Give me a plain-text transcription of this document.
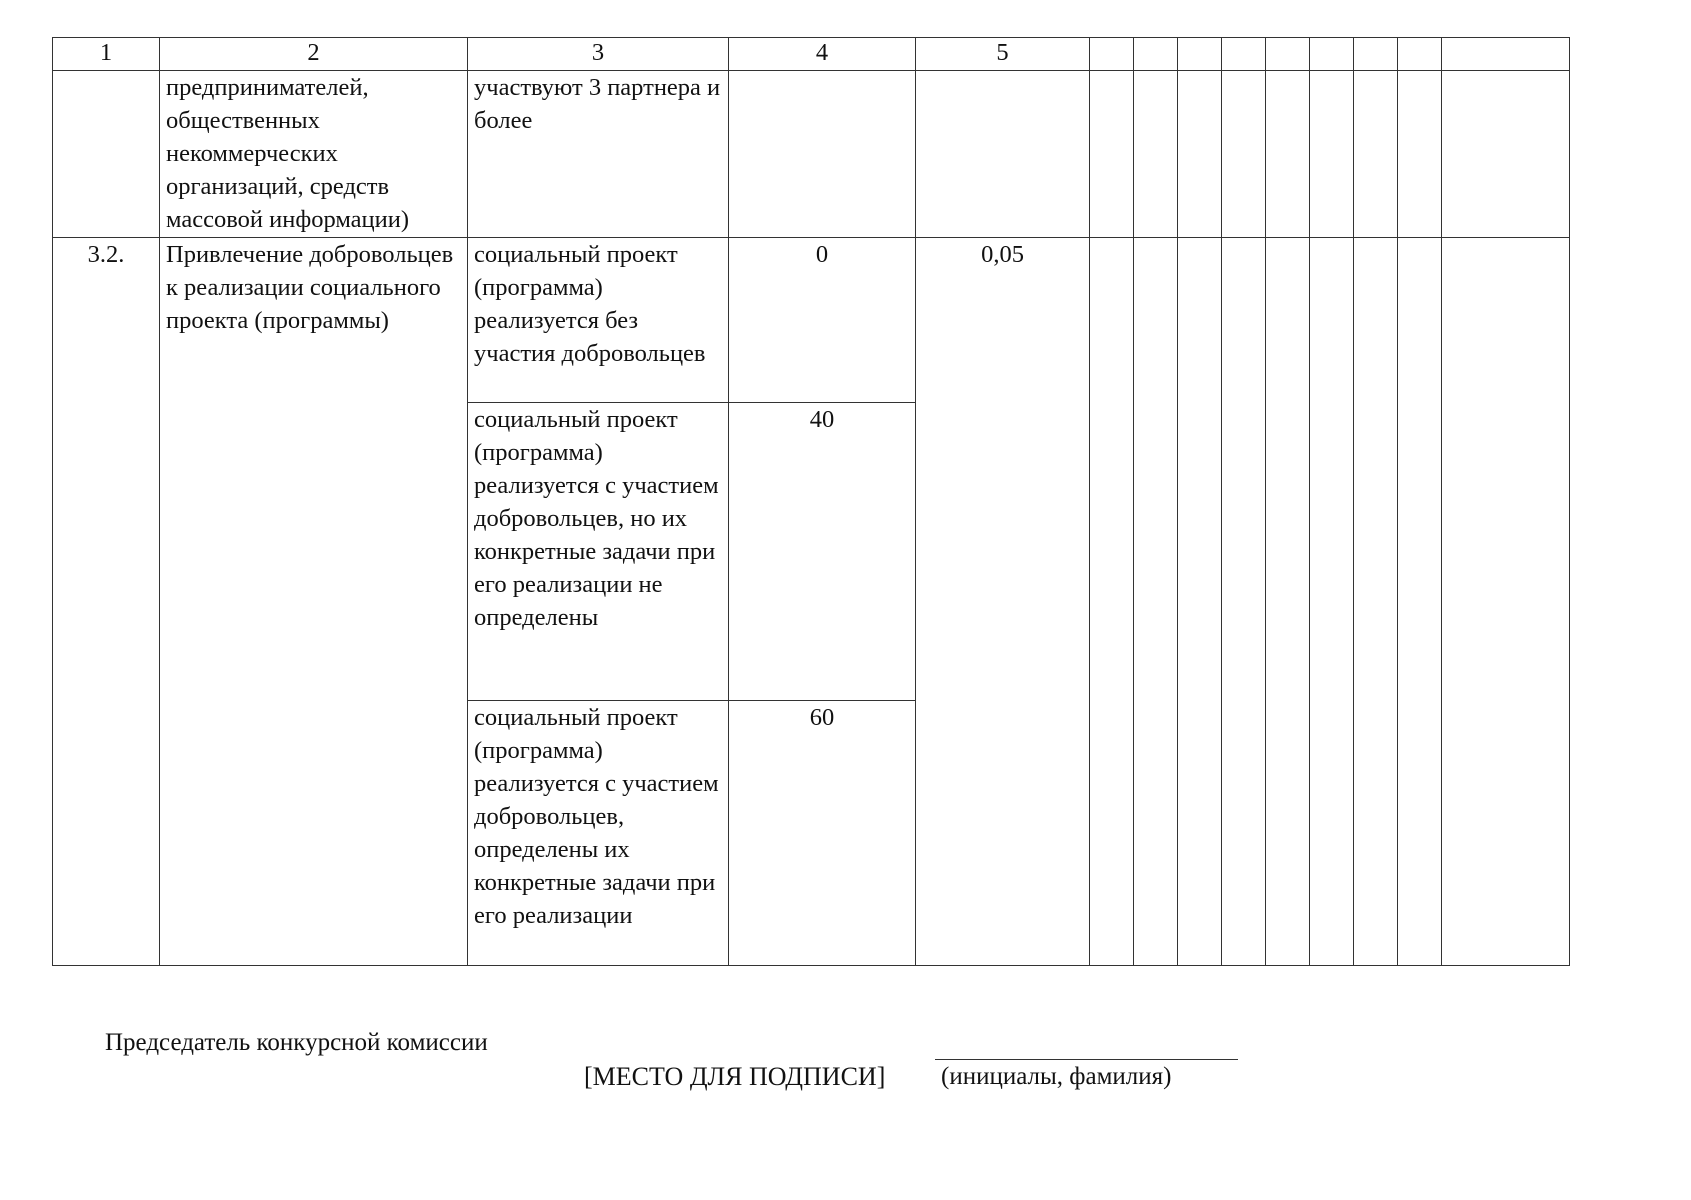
1	2	3	4	5									
	предпринимателей, общественных некоммерческих организаций, средств массовой информации)	участвуют 3 партнера и более											
3.2.	Привлечение добровольцев к реализации социального проекта (программы)	социальный проект (программа) реализуется без участия добровольцев	0	0,05									
		социальный проект (программа) реализуется с участием добровольцев, но их конкретные задачи при его реализации не определены	40										
		социальный проект (программа) реализуется с участием добровольцев, определены их конкретные задачи при его реализации	60										
Председатель конкурсной комиссии
[МЕСТО ДЛЯ ПОДПИСИ] (инициалы, фамилия)
